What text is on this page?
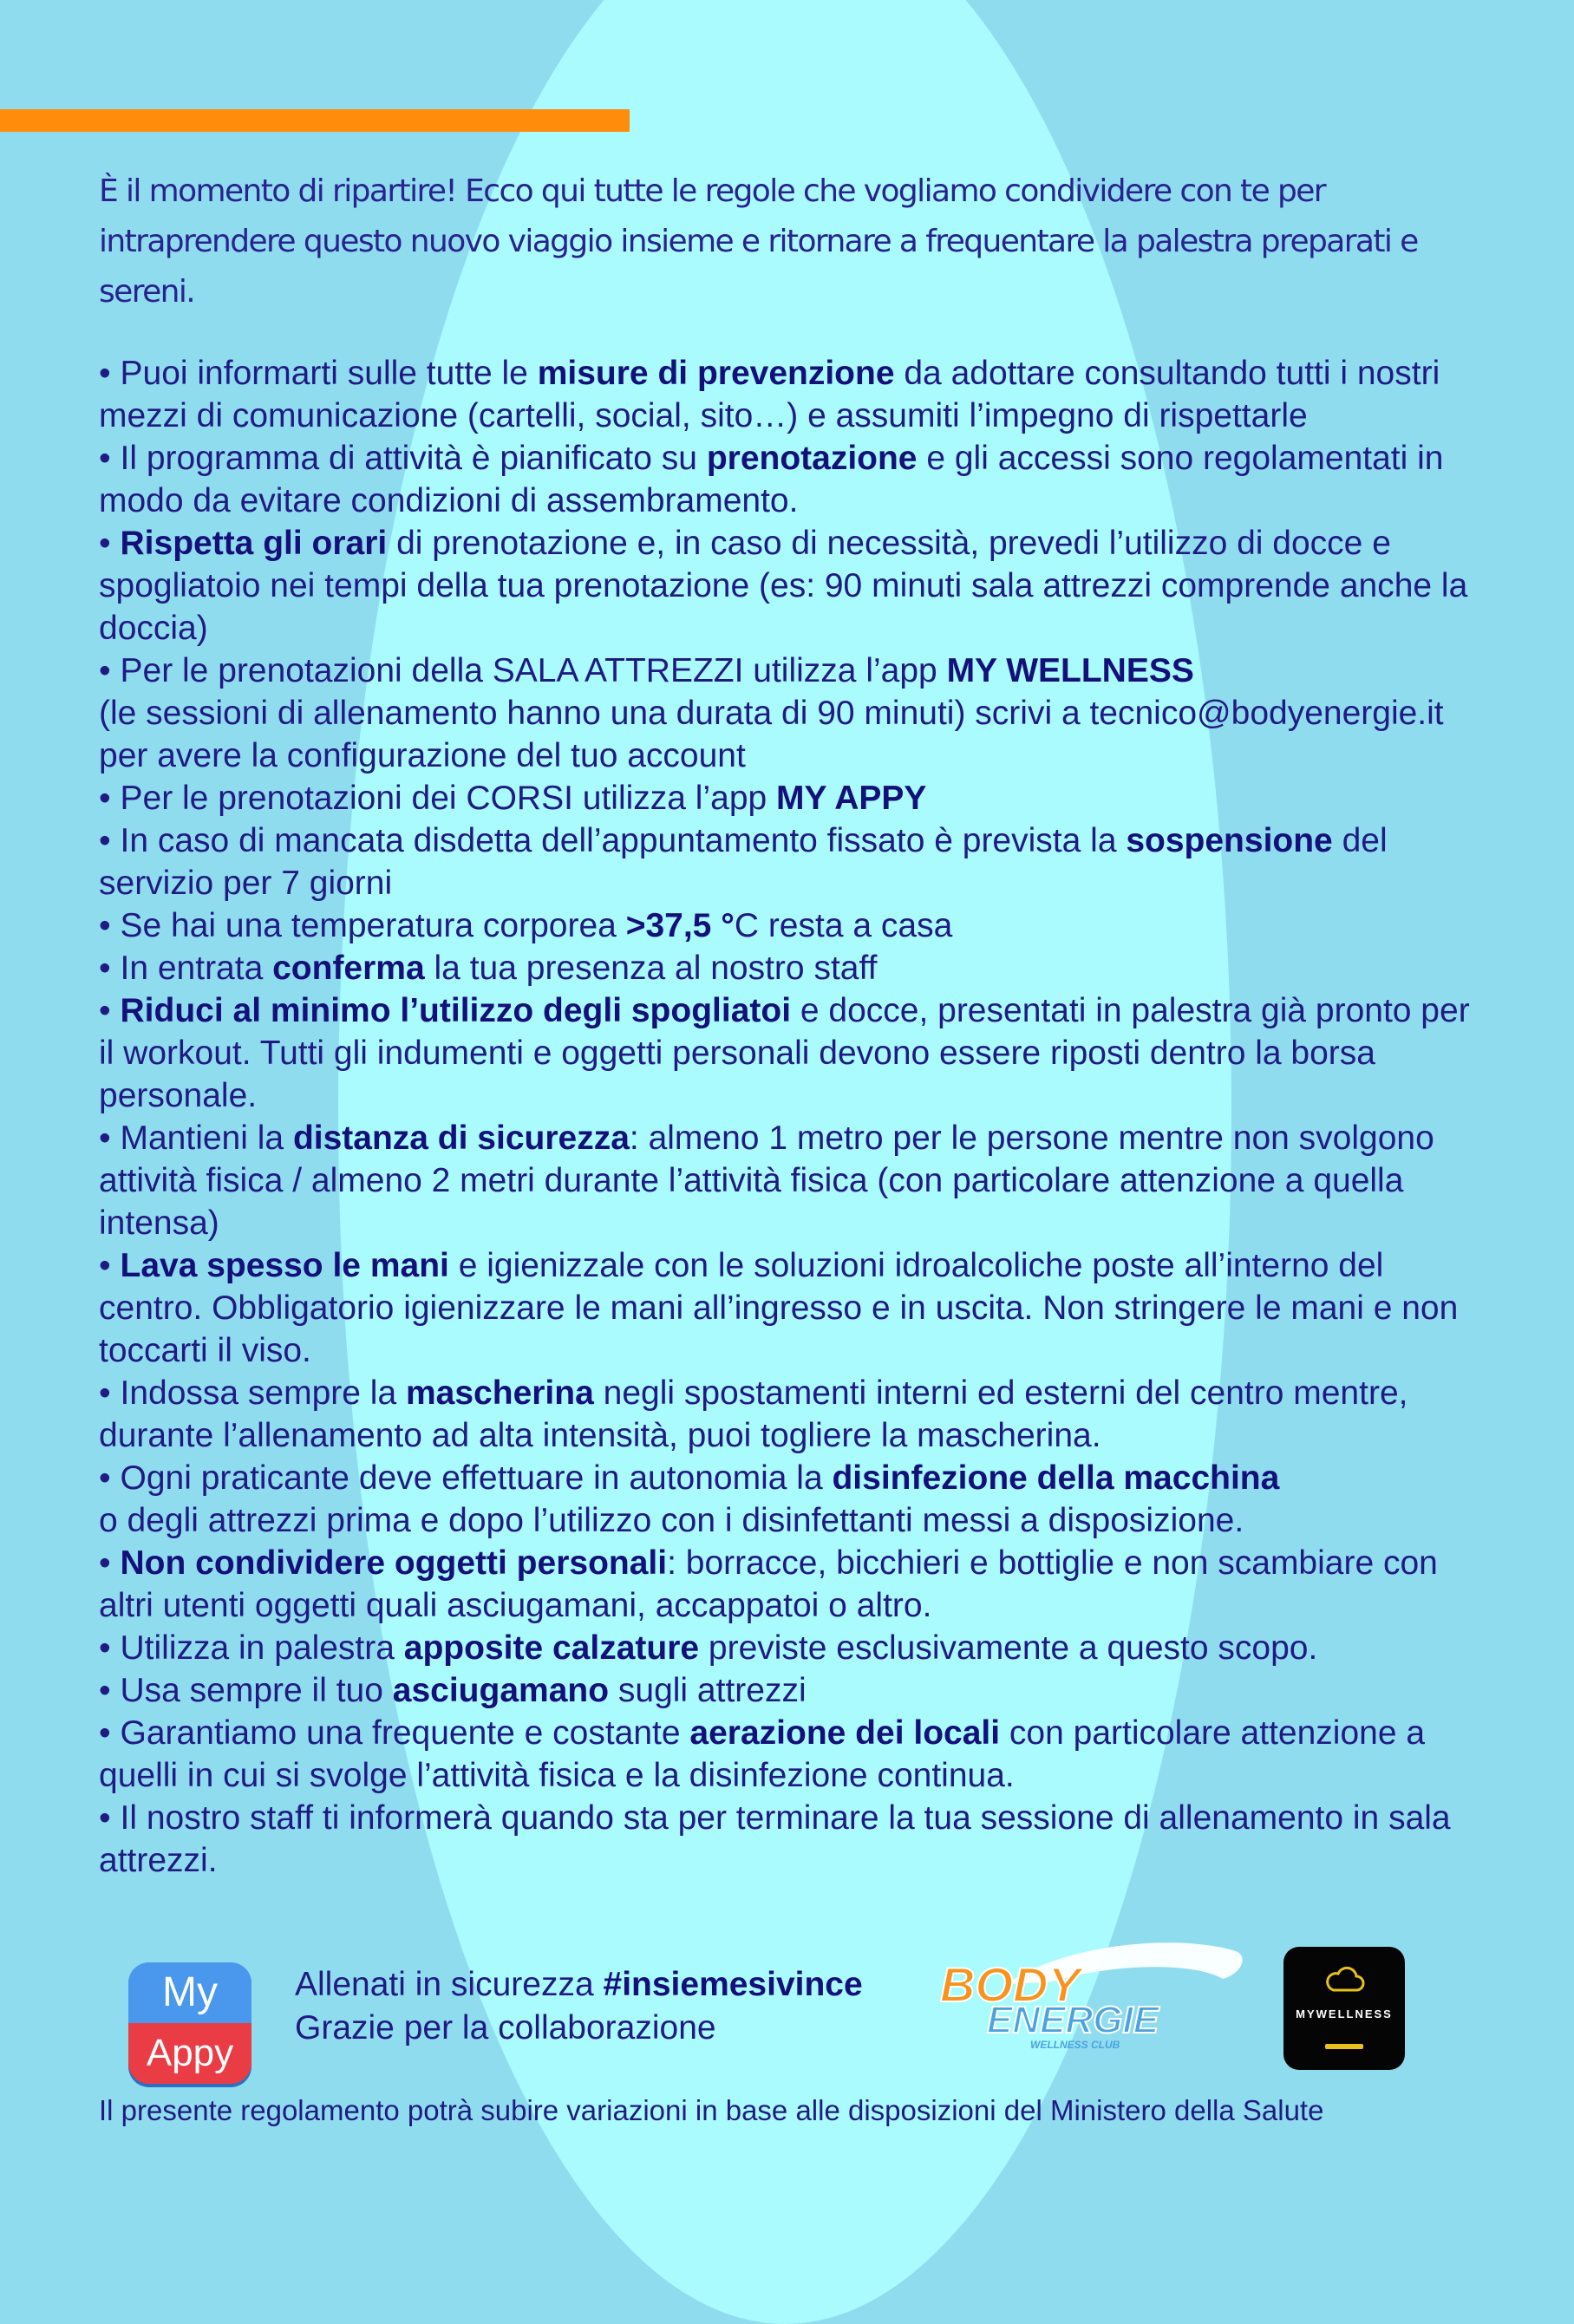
È il momento di ripartire! Ecco qui tutte le regole che vogliamo condividere con te per intraprendere questo nuovo viaggio insieme e ritornare a frequentare la palestra preparati e sereni.

• Puoi informarti sulle tutte le misure di prevenzione da adottare consultando tutti i nostri mezzi di comunicazione (cartelli, social, sito…) e assumiti l’impegno di rispettarle
• Il programma di attività è pianificato su prenotazione e gli accessi sono regolamentati in modo da evitare condizioni di assembramento.
• Rispetta gli orari di prenotazione e, in caso di necessità, prevedi l’utilizzo di docce e spogliatoio nei tempi della tua prenotazione (es: 90 minuti sala attrezzi comprende anche la doccia)
• Per le prenotazioni della SALA ATTREZZI utilizza l’app MY WELLNESS
(le sessioni di allenamento hanno una durata di 90 minuti) scrivi a tecnico@bodyenergie.it per avere la configurazione del tuo account
• Per le prenotazioni dei CORSI utilizza l’app MY APPY
• In caso di mancata disdetta dell’appuntamento fissato è prevista la sospensione del servizio per 7 giorni
• Se hai una temperatura corporea >37,5 °C resta a casa
• In entrata conferma la tua presenza al nostro staff
• Riduci al minimo l’utilizzo degli spogliatoi e docce, presentati in palestra già pronto per il workout. Tutti gli indumenti e oggetti personali devono essere riposti dentro la borsa personale.
• Mantieni la distanza di sicurezza: almeno 1 metro per le persone mentre non svolgono attività fisica / almeno 2 metri durante l’attività fisica (con particolare attenzione a quella intensa)
• Lava spesso le mani e igienizzale con le soluzioni idroalcoliche poste all’interno del centro. Obbligatorio igienizzare le mani all’ingresso e in uscita. Non stringere le mani e non toccarti il viso.
• Indossa sempre la mascherina negli spostamenti interni ed esterni del centro mentre, durante l’allenamento ad alta intensità, puoi togliere la mascherina.
• Ogni praticante deve effettuare in autonomia la disinfezione della macchina
o degli attrezzi prima e dopo l’utilizzo con i disinfettanti messi a disposizione.
• Non condividere oggetti personali: borracce, bicchieri e bottiglie e non scambiare con altri utenti oggetti quali asciugamani, accappatoi o altro.
• Utilizza in palestra apposite calzature previste esclusivamente a questo scopo.
• Usa sempre il tuo asciugamano sugli attrezzi
• Garantiamo una frequente e costante aerazione dei locali con particolare attenzione a quelli in cui si svolge l’attività fisica e la disinfezione continua.
• Il nostro staff ti informerà quando sta per terminare la tua sessione di allenamento in sala attrezzi.
My
Appy
Allenati in sicurezza #insiemesivince
Grazie per la collaborazione
BODY
ENERGIE
WELLNESS CLUB
MYWELLNESS
Il presente regolamento potrà subire variazioni in base alle disposizioni del Ministero della Salute
